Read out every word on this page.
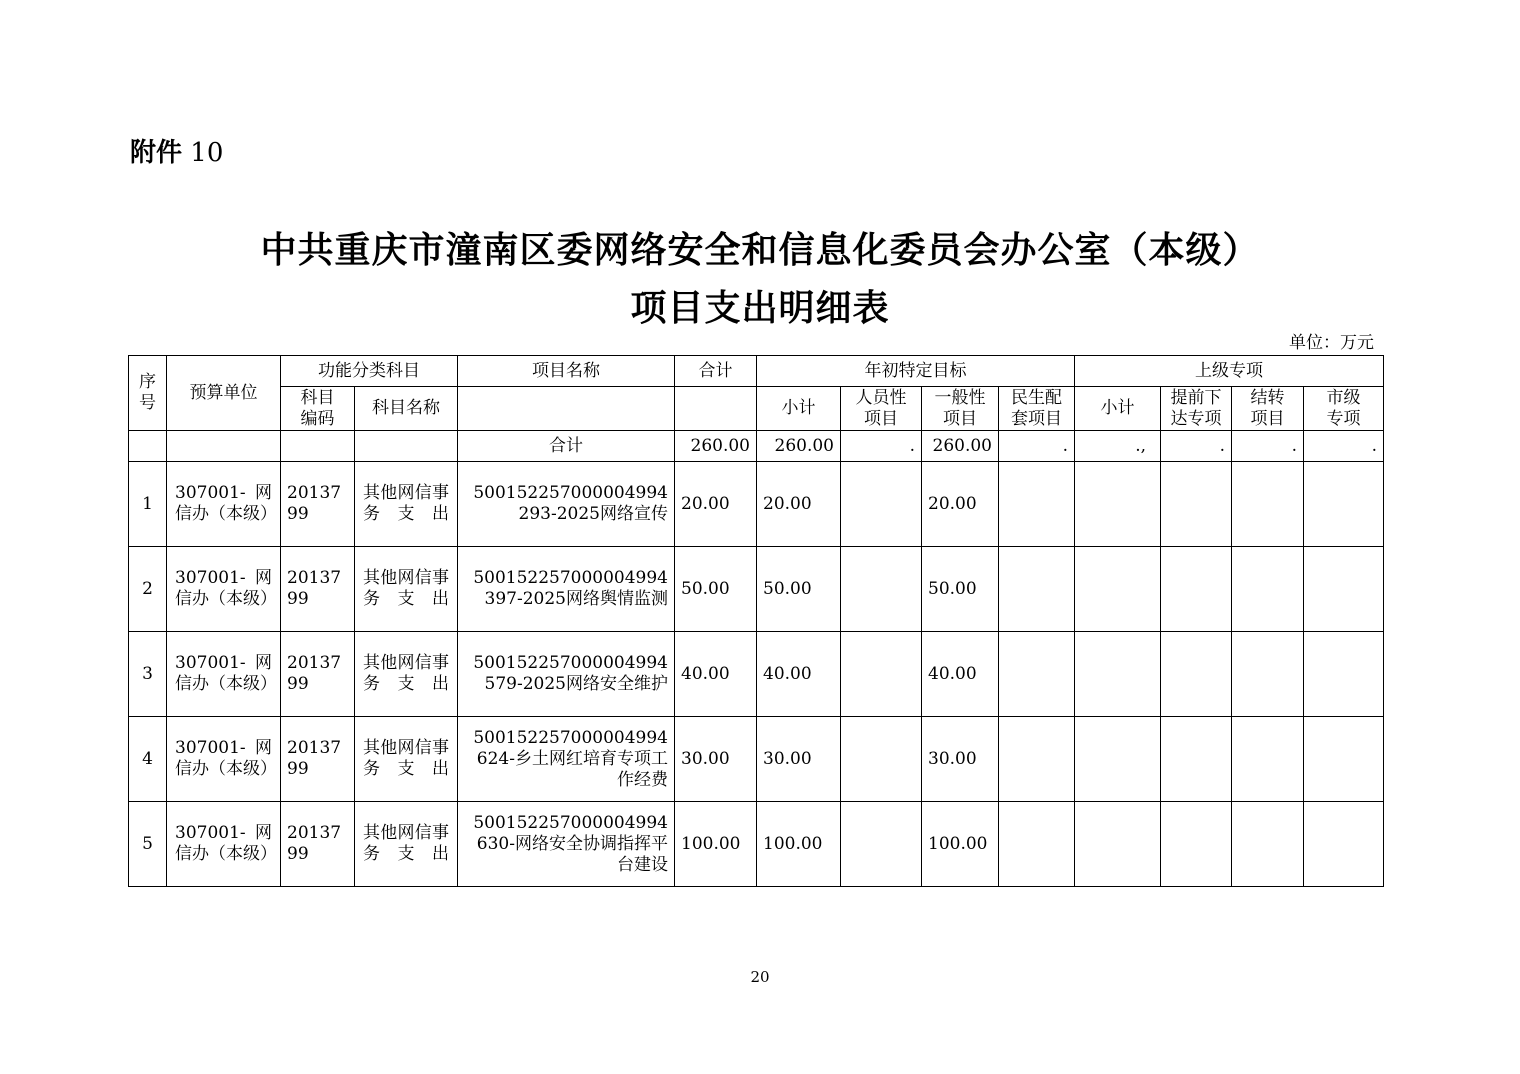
附件 10
中共重庆市潼南区委网络安全和信息化委员会办公室（本级）
项目支出明细表
单位：万元
序号	预算单位	功能分类科目		项目名称	合计	年初特定目标				上级专项			
		科目编码	科目名称			小计	人员性项目	一般性项目	民生配套项目	小计	提前下达专项	结转项目	市级专项
				合计	260.00	260.00	.	260.00	.	.,	.	.	.
1	307001-网信办（本级）	2013799	其他网信事务支出	500152257000004994293-2025网络宣传	20.00	20.00		20.00					
2	307001-网信办（本级）	2013799	其他网信事务支出	500152257000004994397-2025网络舆情监测	50.00	50.00		50.00					
3	307001-网信办（本级）	2013799	其他网信事务支出	500152257000004994579-2025网络安全维护	40.00	40.00		40.00					
4	307001-网信办（本级）	2013799	其他网信事务支出	500152257000004994624-乡土网红培育专项工作经费	30.00	30.00		30.00					
5	307001-网信办（本级）	2013799	其他网信事务支出	500152257000004994630-网络安全协调指挥平台建设	100.00	100.00		100.00					
20
